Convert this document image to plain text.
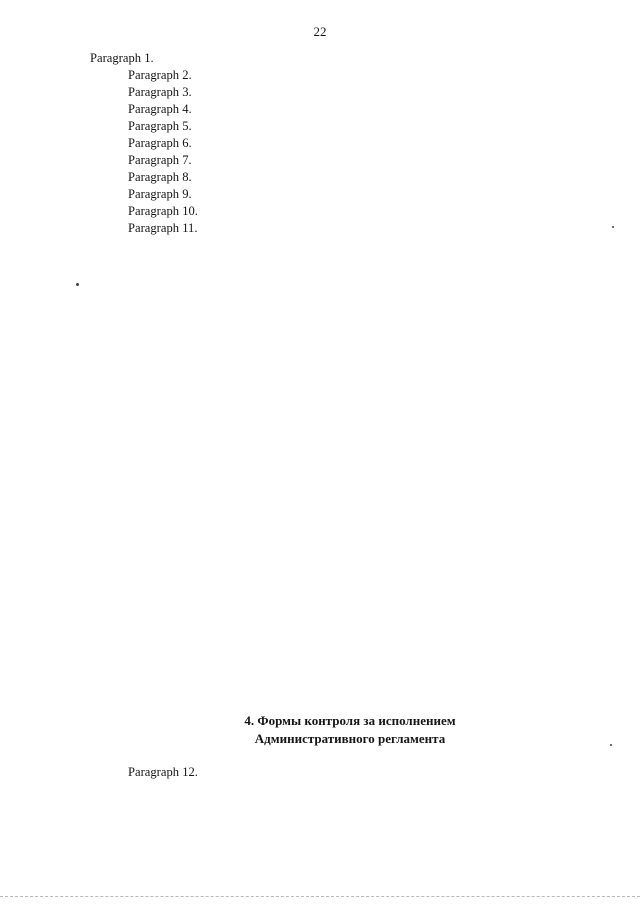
22

Paragraph 1.

Paragraph 2.

Paragraph 3.

Paragraph 4.

Paragraph 5.

Paragraph 6.

Paragraph 7.

Paragraph 8.

Paragraph 9.

Paragraph 10.

Paragraph 11.

4. Формы контроля за исполнением
Административного регламента

Paragraph 12.
